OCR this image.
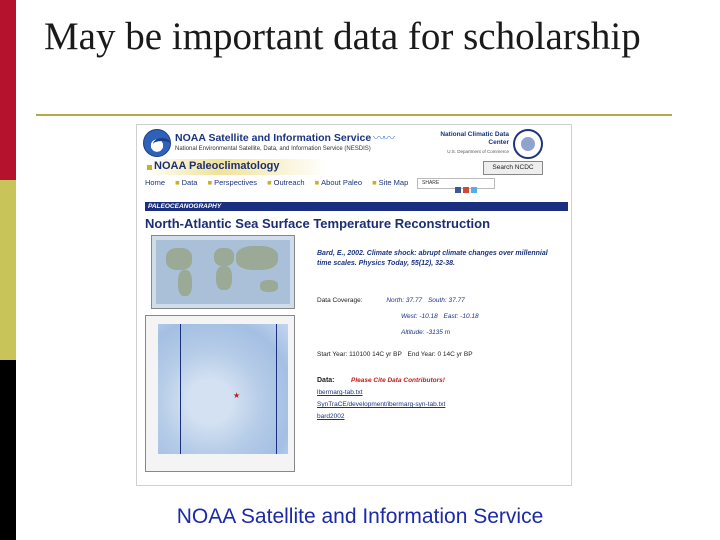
May be important data for scholarship
NOAA Satellite and Information Service
National Environmental Satellite, Data, and Information Service (NESDIS)
〰〰	National Climatic Data Center
U.S. Department of Commerce
Search NCDC
NOAA Paleoclimatology
Home ■ Data ■ Perspectives ■ Outreach ■ About Paleo ■ Site Map	SHARE
PALEOCEANOGRAPHY
North-Atlantic Sea Surface Temperature Reconstruction
★
Bard, E., 2002. Climate shock: abrupt climate changes over millennial time scales. Physics Today, 55(12), 32-38.
Data Coverage:	North: 37.77 South: 37.77
West: -10.18 East: -10.18
Altitude: -3135 m
Start Year: 110100 14C yr BP End Year: 0 14C yr BP
Data:	Please Cite Data Contributors!
lbermarg-tab.txt
SynTraCE/development/ibermarg-syn-tab.txt
bard2002
NOAA Satellite and Information Service
